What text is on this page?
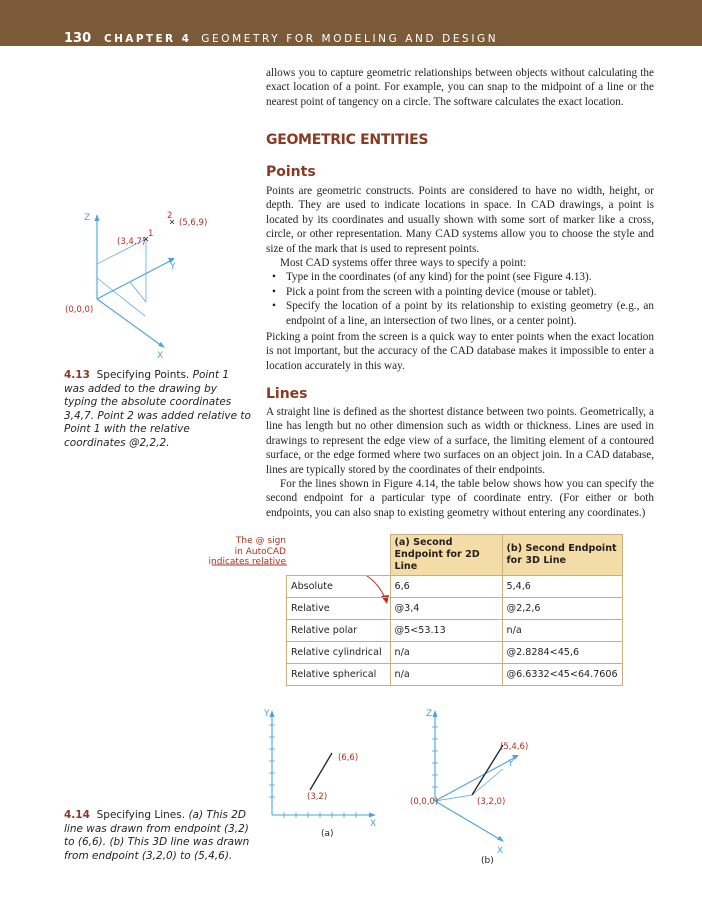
130 CHAPTER 4 GEOMETRY FOR MODELING AND DESIGN

allows you to capture geometric relationships between objects without calculating the exact location of a point. For example, you can snap to the midpoint of a line or the nearest point of tangency on a circle. The software calculates the exact location.

GEOMETRIC ENTITIES
Points

Points are geometric constructs. Points are considered to have no width, height, or depth. They are used to indicate locations in space. In CAD drawings, a point is located by its coordinates and usually shown with some sort of marker like a cross, circle, or other representation. Many CAD systems allow you to choose the style and size of the mark that is used to represent points.

Most CAD systems offer three ways to specify a point:

• Type in the coordinates (of any kind) for the point (see Figure 4.13).
• Pick a point from the screen with a pointing device (mouse or tablet).
• Specify the location of a point by its relationship to existing geometry (e.g., an endpoint of a line, an intersection of two lines, or a center point).

Picking a point from the screen is a quick way to enter points when the exact location is not important, but the accuracy of the CAD database makes it impossible to enter a location accurately in this way.

Lines

A straight line is defined as the shortest distance between two points. Geometrically, a line has length but no other dimension such as width or thickness. Lines are used in drawings to represent the edge view of a surface, the limiting element of a contoured surface, or the edge formed where two surfaces on an object join. In a CAD database, lines are typically stored by the coordinates of their endpoints.

For the lines shown in Figure 4.14, the table below shows how you can specify the second endpoint for a particular type of coordinate entry. (For either or both endpoints, you can also snap to existing geometry without entering any coordinates.)

Z
Y
X
(0,0,0)
(3,4,7)
1
2
(5,6,9)
4.13 Specifying Points. Point 1 was added to the drawing by typing the absolute coordinates 3,4,7. Point 2 was added relative to Point 1 with the relative coordinates @2,2,2.
The @ sign
in AutoCAD
indicates relative
	(a) Second Endpoint for 2D Line	(b) Second Endpoint for 3D Line
Absolute	6,6	5,4,6
Relative	@3,4	@2,2,6
Relative polar	@5<53.13	n/a
Relative cylindrical	n/a	@2.8284<45,6
Relative spherical	n/a	@6.6332<45<64.7606
Y
X
(3,2)
(6,6)
(a)
Z
Y
X
(0,0,0)	(3,2,0)
(5,4,6)
(b)
4.14 Specifying Lines. (a) This 2D line was drawn from endpoint (3,2) to (6,6). (b) This 3D line was drawn from endpoint (3,2,0) to (5,4,6).
